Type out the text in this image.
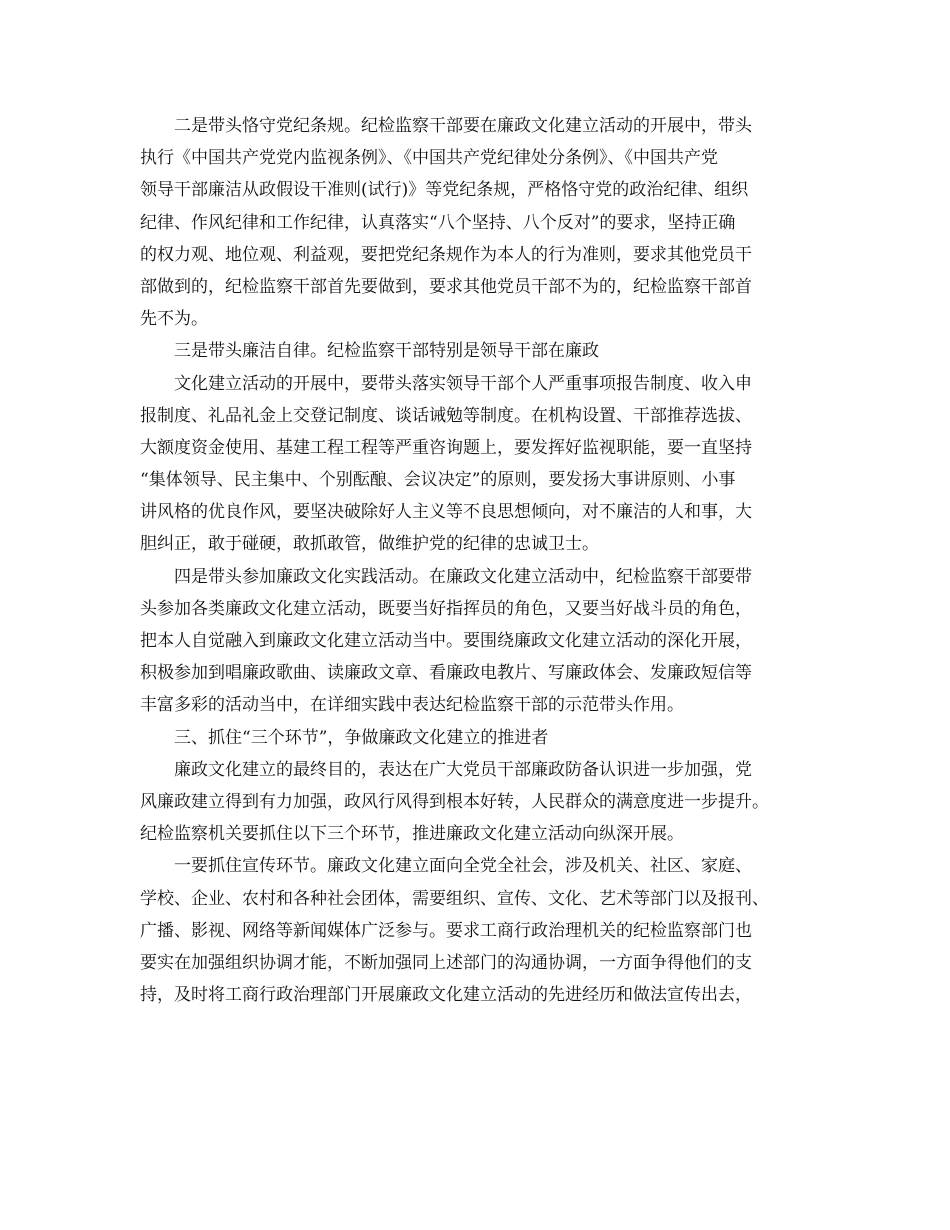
二是带头恪守党纪条规。纪检监察干部要在廉政文化建立活动的开展中，带头
执行《中国共产党党内监视条例》、《中国共产党纪律处分条例》、《中国共产党
领导干部廉洁从政假设干准则(试行)》等党纪条规，严格恪守党的政治纪律、组织
纪律、作风纪律和工作纪律，认真落实“八个坚持、八个反对”的要求，坚持正确
的权力观、地位观、利益观，要把党纪条规作为本人的行为准则，要求其他党员干
部做到的，纪检监察干部首先要做到，要求其他党员干部不为的，纪检监察干部首
先不为。
三是带头廉洁自律。纪检监察干部特别是领导干部在廉政
文化建立活动的开展中，要带头落实领导干部个人严重事项报告制度、收入申
报制度、礼品礼金上交登记制度、谈话诫勉等制度。在机构设置、干部推荐选拔、
大额度资金使用、基建工程工程等严重咨询题上，要发挥好监视职能，要一直坚持
“集体领导、民主集中、个别酝酿、会议决定”的原则，要发扬大事讲原则、小事
讲风格的优良作风，要坚决破除好人主义等不良思想倾向，对不廉洁的人和事，大
胆纠正，敢于碰硬，敢抓敢管，做维护党的纪律的忠诚卫士。
四是带头参加廉政文化实践活动。在廉政文化建立活动中，纪检监察干部要带
头参加各类廉政文化建立活动，既要当好指挥员的角色，又要当好战斗员的角色，
把本人自觉融入到廉政文化建立活动当中。要围绕廉政文化建立活动的深化开展，
积极参加到唱廉政歌曲、读廉政文章、看廉政电教片、写廉政体会、发廉政短信等
丰富多彩的活动当中，在详细实践中表达纪检监察干部的示范带头作用。
三、抓住“三个环节”，争做廉政文化建立的推进者
廉政文化建立的最终目的，表达在广大党员干部廉政防备认识进一步加强，党
风廉政建立得到有力加强，政风行风得到根本好转，人民群众的满意度进一步提升。
纪检监察机关要抓住以下三个环节，推进廉政文化建立活动向纵深开展。
一要抓住宣传环节。廉政文化建立面向全党全社会，涉及机关、社区、家庭、
学校、企业、农村和各种社会团体，需要组织、宣传、文化、艺术等部门以及报刊、
广播、影视、网络等新闻媒体广泛参与。要求工商行政治理机关的纪检监察部门也
要实在加强组织协调才能，不断加强同上述部门的沟通协调，一方面争得他们的支
持，及时将工商行政治理部门开展廉政文化建立活动的先进经历和做法宣传出去，
